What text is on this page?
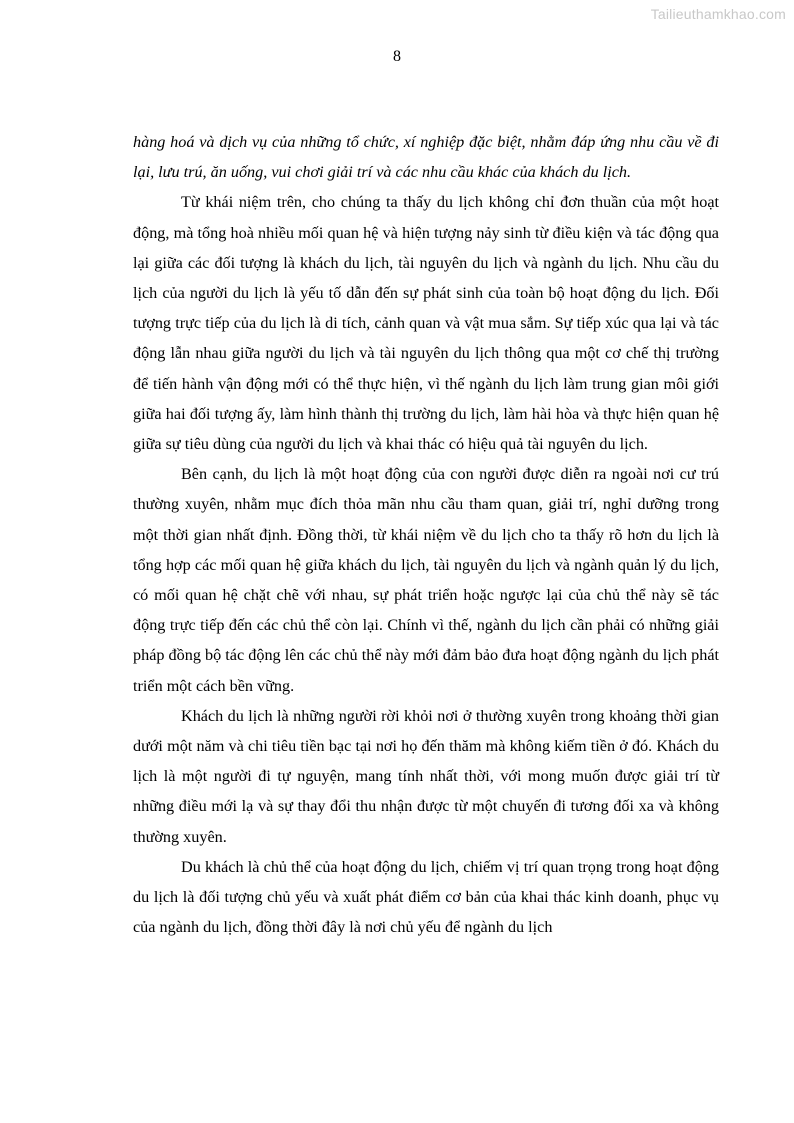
Tailieuthamkhao.com
8

hàng hoá và dịch vụ của những tổ chức, xí nghiệp đặc biệt, nhằm đáp ứng nhu cầu về đi lại, lưu trú, ăn uống, vui chơi giải trí và các nhu cầu khác của khách du lịch.

Từ khái niệm trên, cho chúng ta thấy du lịch không chỉ đơn thuần của một hoạt động, mà tổng hoà nhiều mối quan hệ và hiện tượng nảy sinh từ điều kiện và tác động qua lại giữa các đối tượng là khách du lịch, tài nguyên du lịch và ngành du lịch. Nhu cầu du lịch của người du lịch là yếu tố dẫn đến sự phát sinh của toàn bộ hoạt động du lịch. Đối tượng trực tiếp của du lịch là di tích, cảnh quan và vật mua sắm. Sự tiếp xúc qua lại và tác động lẫn nhau giữa người du lịch và tài nguyên du lịch thông qua một cơ chế thị trường để tiến hành vận động mới có thể thực hiện, vì thế ngành du lịch làm trung gian môi giới giữa hai đối tượng ấy, làm hình thành thị trường du lịch, làm hài hòa và thực hiện quan hệ giữa sự tiêu dùng của người du lịch và khai thác có hiệu quả tài nguyên du lịch.

Bên cạnh, du lịch là một hoạt động của con người được diễn ra ngoài nơi cư trú thường xuyên, nhằm mục đích thỏa mãn nhu cầu tham quan, giải trí, nghỉ dưỡng trong một thời gian nhất định. Đồng thời, từ khái niệm về du lịch cho ta thấy rõ hơn du lịch là tổng hợp các mối quan hệ giữa khách du lịch, tài nguyên du lịch và ngành quản lý du lịch, có mối quan hệ chặt chẽ với nhau, sự phát triển hoặc ngược lại của chủ thể này sẽ tác động trực tiếp đến các chủ thể còn lại. Chính vì thế, ngành du lịch cần phải có những giải pháp đồng bộ tác động lên các chủ thể này mới đảm bảo đưa hoạt động ngành du lịch phát triển một cách bền vững.

Khách du lịch là những người rời khỏi nơi ở thường xuyên trong khoảng thời gian dưới một năm và chi tiêu tiền bạc tại nơi họ đến thăm mà không kiếm tiền ở đó. Khách du lịch là một người đi tự nguyện, mang tính nhất thời, với mong muốn được giải trí từ những điều mới lạ và sự thay đổi thu nhận được từ một chuyến đi tương đối xa và không thường xuyên.

Du khách là chủ thể của hoạt động du lịch, chiếm vị trí quan trọng trong hoạt động du lịch là đối tượng chủ yếu và xuất phát điểm cơ bản của khai thác kinh doanh, phục vụ của ngành du lịch, đồng thời đây là nơi chủ yếu để ngành du lịch
